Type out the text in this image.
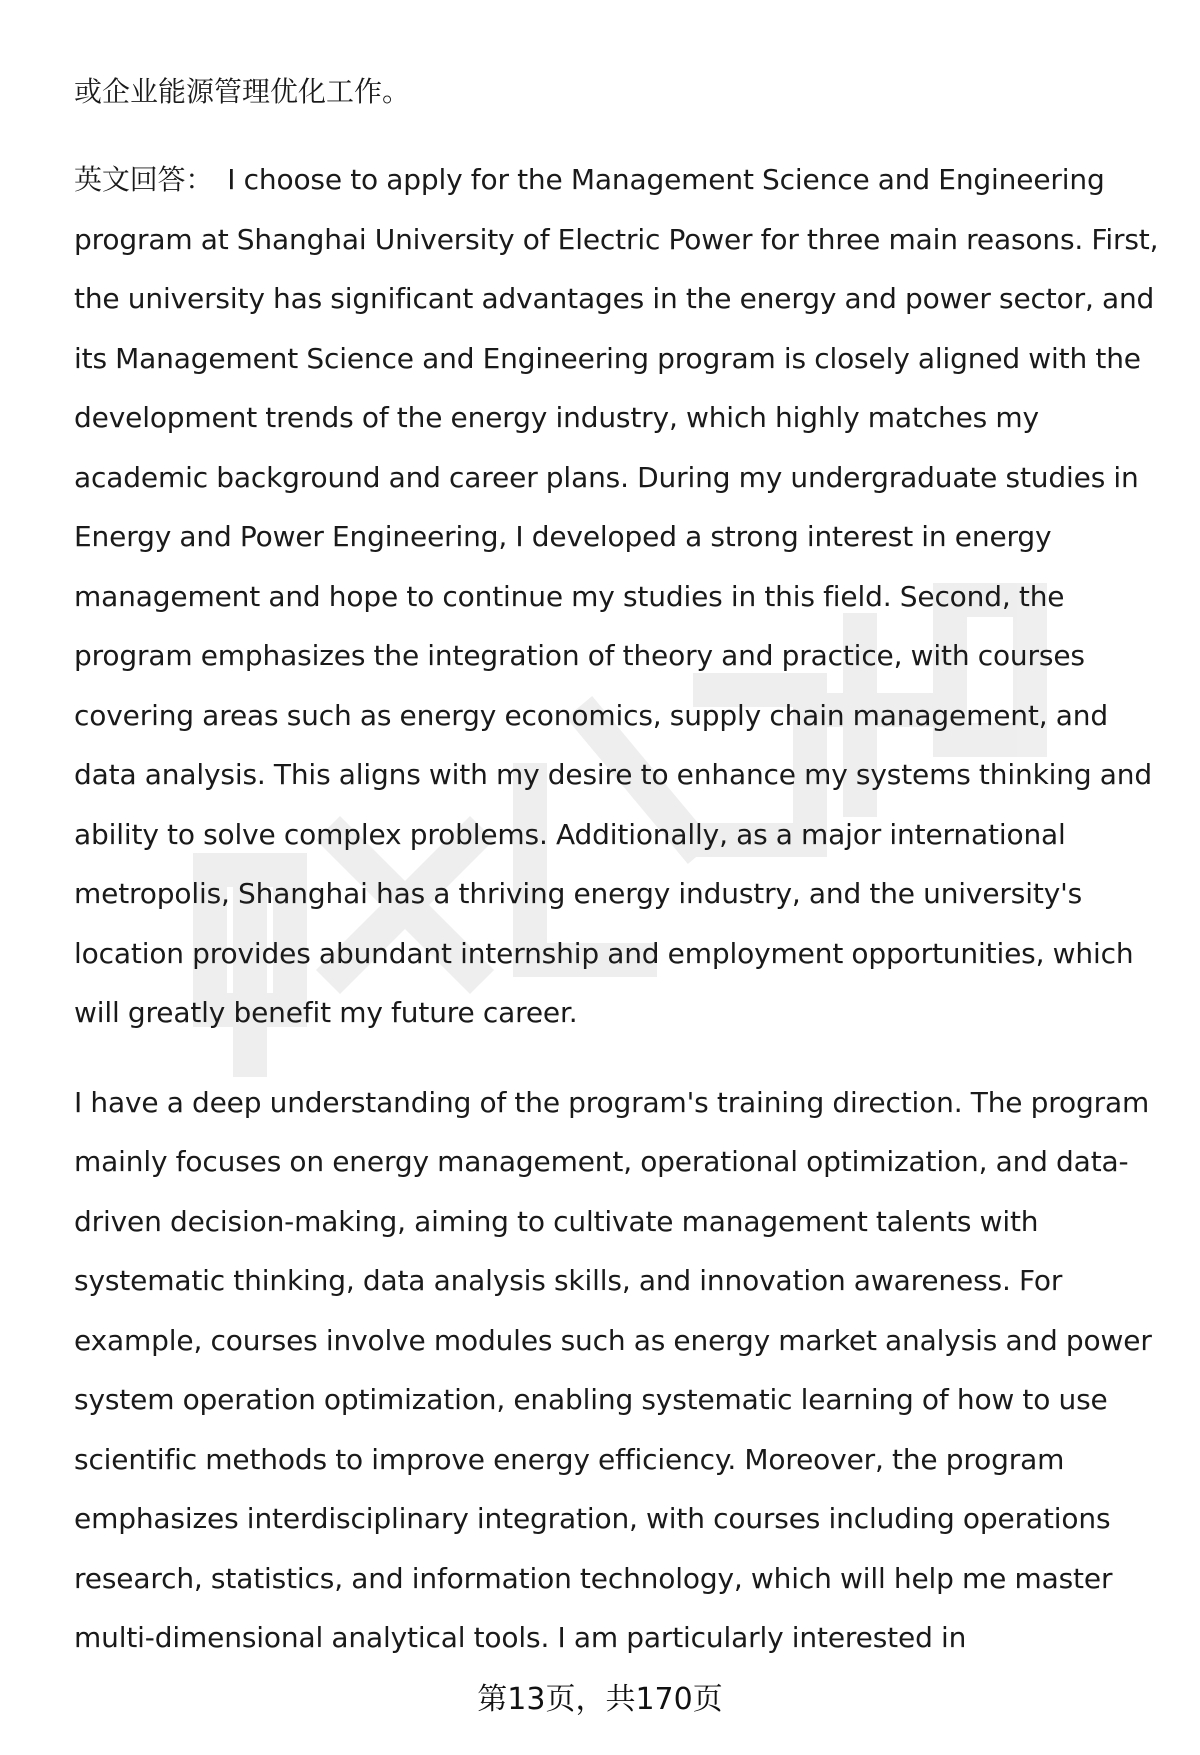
或企业能源管理优化工作。

英文回答： I choose to apply for the Management Science and Engineering program at Shanghai University of Electric Power for three main reasons. First, the university has significant advantages in the energy and power sector, and its Management Science and Engineering program is closely aligned with the development trends of the energy industry, which highly matches my academic background and career plans. During my undergraduate studies in Energy and Power Engineering, I developed a strong interest in energy management and hope to continue my studies in this field. Second, the program emphasizes the integration of theory and practice, with courses covering areas such as energy economics, supply chain management, and data analysis. This aligns with my desire to enhance my systems thinking and ability to solve complex problems. Additionally, as a major international metropolis, Shanghai has a thriving energy industry, and the university's location provides abundant internship and employment opportunities, which will greatly benefit my future career.

I have a deep understanding of the program's training direction. The program mainly focuses on energy management, operational optimization, and data-driven decision-making, aiming to cultivate management talents with systematic thinking, data analysis skills, and innovation awareness. For example, courses involve modules such as energy market analysis and power system operation optimization, enabling systematic learning of how to use scientific methods to improve energy efficiency. Moreover, the program emphasizes interdisciplinary integration, with courses including operations research, statistics, and information technology, which will help me master multi-dimensional analytical tools. I am particularly interested in

第13页，共170页
